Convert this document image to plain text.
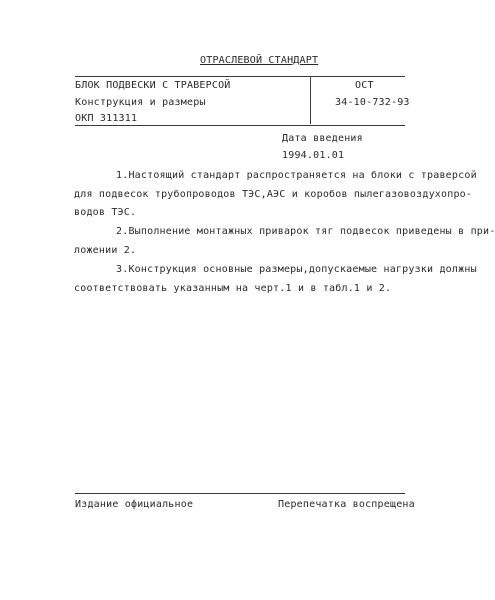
ОТРАСЛЕВОЙ СТАНДАРТ
БЛОК ПОДВЕСКИ С ТРАВЕРСОЙ
Конструкция и размеры
ОКП 311311
ОСТ
34-10-732-93
Дата введения
1994.01.01
1.Настоящий стандарт распространяется на блоки с траверсой
для подвесок трубопроводов ТЭС,АЭС и коробов пылегазовоздухопро-
водов ТЭС.
2.Выполнение монтажных приварок тяг подвесок приведены в при-
ложении 2.
3.Конструкция основные размеры,допускаемые нагрузки должны
соответствовать указанным на черт.1 и в табл.1 и 2.
Издание официальное	Перепечатка воспрещена
